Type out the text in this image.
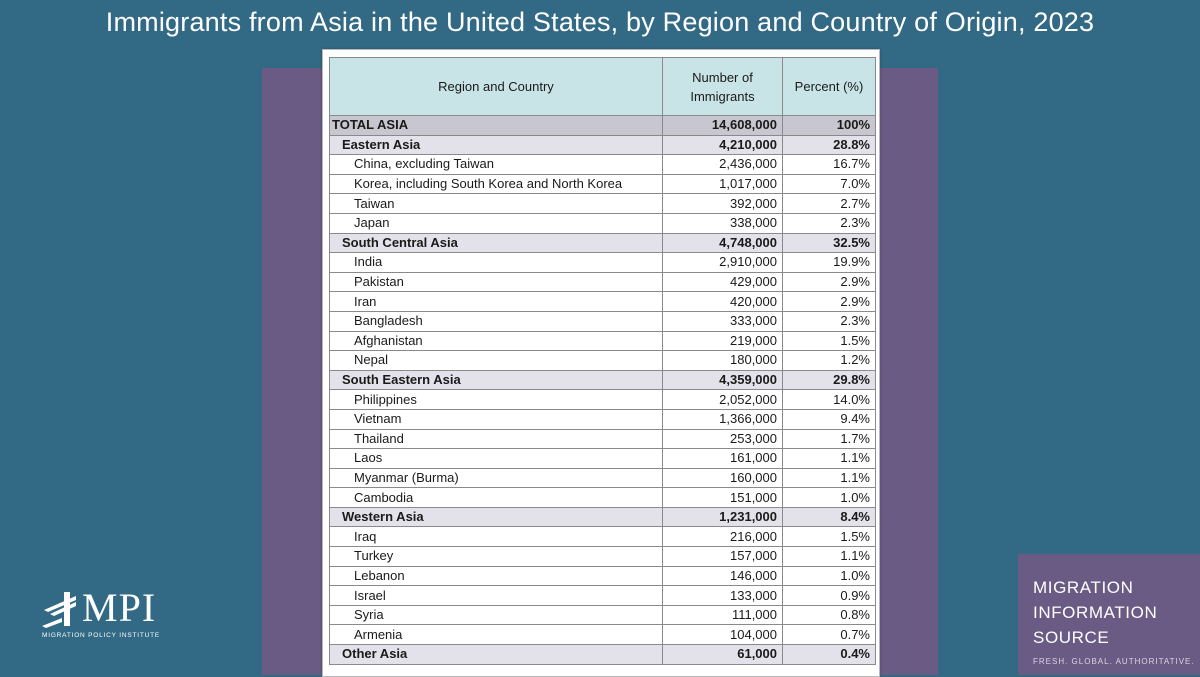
Immigrants from Asia in the United States, by Region and Country of Origin, 2023
Region and Country	Number of Immigrants	Percent (%)
TOTAL ASIA	14,608,000	100%
Eastern Asia	4,210,000	28.8%
China, excluding Taiwan	2,436,000	16.7%
Korea, including South Korea and North Korea	1,017,000	7.0%
Taiwan	392,000	2.7%
Japan	338,000	2.3%
South Central Asia	4,748,000	32.5%
India	2,910,000	19.9%
Pakistan	429,000	2.9%
Iran	420,000	2.9%
Bangladesh	333,000	2.3%
Afghanistan	219,000	1.5%
Nepal	180,000	1.2%
South Eastern Asia	4,359,000	29.8%
Philippines	2,052,000	14.0%
Vietnam	1,366,000	9.4%
Thailand	253,000	1.7%
Laos	161,000	1.1%
Myanmar (Burma)	160,000	1.1%
Cambodia	151,000	1.0%
Western Asia	1,231,000	8.4%
Iraq	216,000	1.5%
Turkey	157,000	1.1%
Lebanon	146,000	1.0%
Israel	133,000	0.9%
Syria	111,000	0.8%
Armenia	104,000	0.7%
Other Asia	61,000	0.4%
MPI
MIGRATION POLICY INSTITUTE
MIGRATION
INFORMATION
SOURCE
FRESH. GLOBAL. AUTHORITATIVE.
